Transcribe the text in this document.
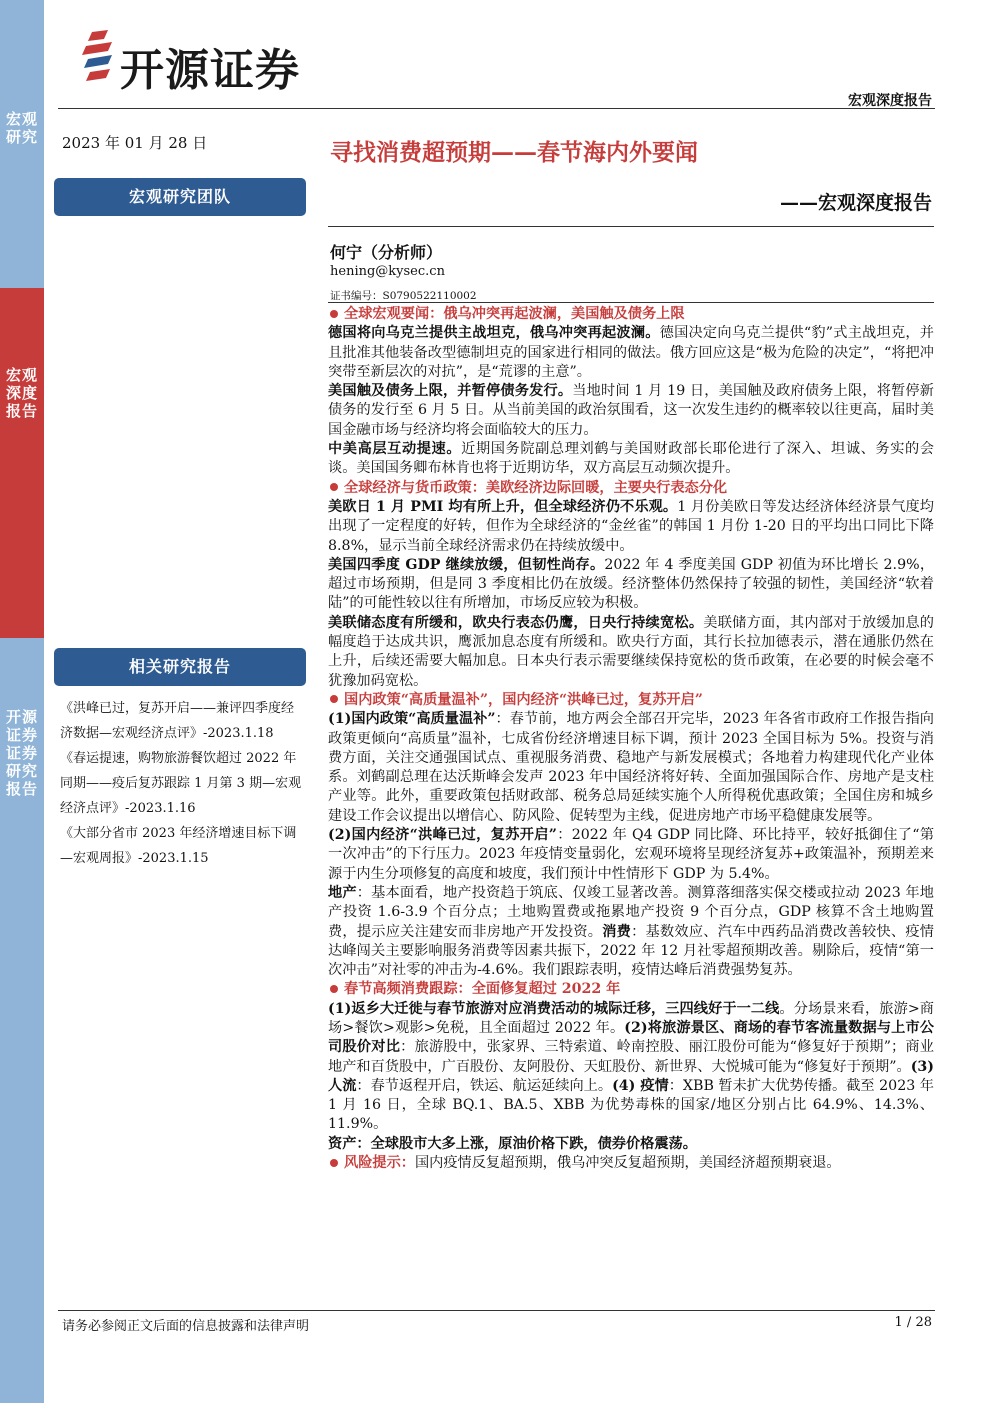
宏观研究
宏观深度报告
开源证券 证券研究报告
开源证券
宏观深度报告
2023 年 01 月 28 日	寻找消费超预期——春节海内外要闻
——宏观深度报告
宏观研究团队
相关研究报告

《洪峰已过，复苏开启——兼评四季度经济数据—宏观经济点评》-2023.1.18

《春运提速，购物旅游餐饮超过 2022 年同期——疫后复苏跟踪 1 月第 3 期—宏观经济点评》-2023.1.16

《大部分省市 2023 年经济增速目标下调—宏观周报》-2023.1.15

何宁（分析师）
hening@kysec.cn
证书编号：S0790522110002

全球宏观要闻：俄乌冲突再起波澜，美国触及债务上限

德国将向乌克兰提供主战坦克，俄乌冲突再起波澜。德国决定向乌克兰提供“豹”式主战坦克，并且批准其他装备改型德制坦克的国家进行相同的做法。俄方回应这是“极为危险的决定”，“将把冲突带至新层次的对抗”，是“荒谬的主意”。

美国触及债务上限，并暂停债务发行。当地时间 1 月 19 日，美国触及政府债务上限，将暂停新债务的发行至 6 月 5 日。从当前美国的政治氛围看，这一次发生违约的概率较以往更高，届时美国金融市场与经济均将会面临较大的压力。

中美高层互动提速。近期国务院副总理刘鹤与美国财政部长耶伦进行了深入、坦诚、务实的会谈。美国国务卿布林肯也将于近期访华，双方高层互动频次提升。

全球经济与货币政策：美欧经济边际回暖，主要央行表态分化

美欧日 1 月 PMI 均有所上升，但全球经济仍不乐观。1 月份美欧日等发达经济体经济景气度均出现了一定程度的好转，但作为全球经济的“金丝雀”的韩国 1 月份 1-20 日的平均出口同比下降 8.8%，显示当前全球经济需求仍在持续放缓中。

美国四季度 GDP 继续放缓，但韧性尚存。2022 年 4 季度美国 GDP 初值为环比增长 2.9%，超过市场预期，但是同 3 季度相比仍在放缓。经济整体仍然保持了较强的韧性，美国经济“软着陆”的可能性较以往有所增加，市场反应较为积极。

美联储态度有所缓和，欧央行表态仍鹰，日央行持续宽松。美联储方面，其内部对于放缓加息的幅度趋于达成共识，鹰派加息态度有所缓和。欧央行方面，其行长拉加德表示，潜在通胀仍然在上升，后续还需要大幅加息。日本央行表示需要继续保持宽松的货币政策，在必要的时候会毫不犹豫加码宽松。

国内政策“高质量温补”，国内经济“洪峰已过，复苏开启”

(1)国内政策“高质量温补”：春节前，地方两会全部召开完毕，2023 年各省市政府工作报告指向政策更倾向“高质量”温补，七成省份经济增速目标下调，预计 2023 全国目标为 5%。投资与消费方面，关注交通强国试点、重视服务消费、稳地产与新发展模式；各地着力构建现代化产业体系。刘鹤副总理在达沃斯峰会发声 2023 年中国经济将好转、全面加强国际合作、房地产是支柱产业等。此外，重要政策包括财政部、税务总局延续实施个人所得税优惠政策；全国住房和城乡建设工作会议提出以增信心、防风险、促转型为主线，促进房地产市场平稳健康发展等。

(2)国内经济“洪峰已过，复苏开启”：2022 年 Q4 GDP 同比降、环比持平，较好抵御住了“第一次冲击”的下行压力。2023 年疫情变量弱化，宏观环境将呈现经济复苏+政策温补，预期差来源于内生分项修复的高度和坡度，我们预计中性情形下 GDP 为 5.4%。

地产：基本面看，地产投资趋于筑底、仅竣工显著改善。测算落细落实保交楼或拉动 2023 年地产投资 1.6-3.9 个百分点；土地购置费或拖累地产投资 9 个百分点，GDP 核算不含土地购置费，提示应关注建安而非房地产开发投资。消费：基数效应、汽车中西药品消费改善较快、疫情达峰闯关主要影响服务消费等因素共振下，2022 年 12 月社零超预期改善。剔除后，疫情“第一次冲击”对社零的冲击为-4.6%。我们跟踪表明，疫情达峰后消费强势复苏。

春节高频消费跟踪：全面修复超过 2022 年

(1)返乡大迁徙与春节旅游对应消费活动的城际迁移，三四线好于一二线。分场景来看，旅游>商场>餐饮>观影>免税，且全面超过 2022 年。(2)将旅游景区、商场的春节客流量数据与上市公司股价对比：旅游股中，张家界、三特索道、岭南控股、丽江股份可能为“修复好于预期”；商业地产和百货股中，广百股份、友阿股份、天虹股份、新世界、大悦城可能为“修复好于预期”。(3) 人流：春节返程开启，铁运、航运延续向上。(4) 疫情：XBB 暂未扩大优势传播。截至 2023 年 1 月 16 日，全球 BQ.1、BA.5、XBB 为优势毒株的国家/地区分别占比 64.9%、14.3%、11.9%。

资产：全球股市大多上涨，原油价格下跌，债券价格震荡。

风险提示：国内疫情反复超预期，俄乌冲突反复超预期，美国经济超预期衰退。

请务必参阅正文后面的信息披露和法律声明	1 / 28
